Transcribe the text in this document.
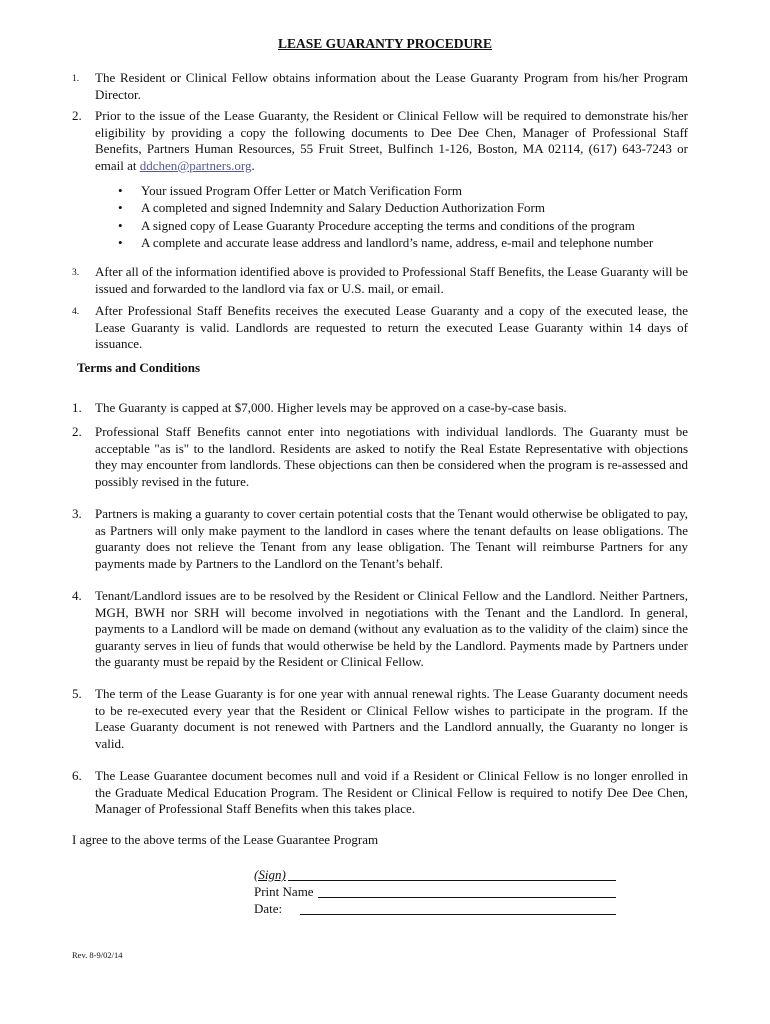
LEASE GUARANTY PROCEDURE
1. The Resident or Clinical Fellow obtains information about the Lease Guaranty Program from his/her Program Director.
2. Prior to the issue of the Lease Guaranty, the Resident or Clinical Fellow will be required to demonstrate his/her eligibility by providing a copy the following documents to Dee Dee Chen, Manager of Professional Staff Benefits, Partners Human Resources, 55 Fruit Street, Bulfinch 1-126, Boston, MA 02114, (617) 643-7243 or email at ddchen@partners.org.
• Your issued Program Offer Letter or Match Verification Form
• A completed and signed Indemnity and Salary Deduction Authorization Form
• A signed copy of Lease Guaranty Procedure accepting the terms and conditions of the program
• A complete and accurate lease address and landlord’s name, address, e-mail and telephone number
3. After all of the information identified above is provided to Professional Staff Benefits, the Lease Guaranty will be issued and forwarded to the landlord via fax or U.S. mail, or email.
4. After Professional Staff Benefits receives the executed Lease Guaranty and a copy of the executed lease, the Lease Guaranty is valid. Landlords are requested to return the executed Lease Guaranty within 14 days of issuance.
Terms and Conditions
1. The Guaranty is capped at $7,000. Higher levels may be approved on a case-by-case basis.
2. Professional Staff Benefits cannot enter into negotiations with individual landlords. The Guaranty must be acceptable "as is" to the landlord. Residents are asked to notify the Real Estate Representative with objections they may encounter from landlords. These objections can then be considered when the program is re-assessed and possibly revised in the future.
3. Partners is making a guaranty to cover certain potential costs that the Tenant would otherwise be obligated to pay, as Partners will only make payment to the landlord in cases where the tenant defaults on lease obligations. The guaranty does not relieve the Tenant from any lease obligation. The Tenant will reimburse Partners for any payments made by Partners to the Landlord on the Tenant’s behalf.
4. Tenant/Landlord issues are to be resolved by the Resident or Clinical Fellow and the Landlord. Neither Partners, MGH, BWH nor SRH will become involved in negotiations with the Tenant and the Landlord. In general, payments to a Landlord will be made on demand (without any evaluation as to the validity of the claim) since the guaranty serves in lieu of funds that would otherwise be held by the Landlord. Payments made by Partners under the guaranty must be repaid by the Resident or Clinical Fellow.
5. The term of the Lease Guaranty is for one year with annual renewal rights. The Lease Guaranty document needs to be re-executed every year that the Resident or Clinical Fellow wishes to participate in the program. If the Lease Guaranty document is not renewed with Partners and the Landlord annually, the Guaranty no longer is valid.
6. The Lease Guarantee document becomes null and void if a Resident or Clinical Fellow is no longer enrolled in the Graduate Medical Education Program. The Resident or Clinical Fellow is required to notify Dee Dee Chen, Manager of Professional Staff Benefits when this takes place.
I agree to the above terms of the Lease Guarantee Program
(Sign)
Print Name
Date:
Rev. 8-9/02/14
